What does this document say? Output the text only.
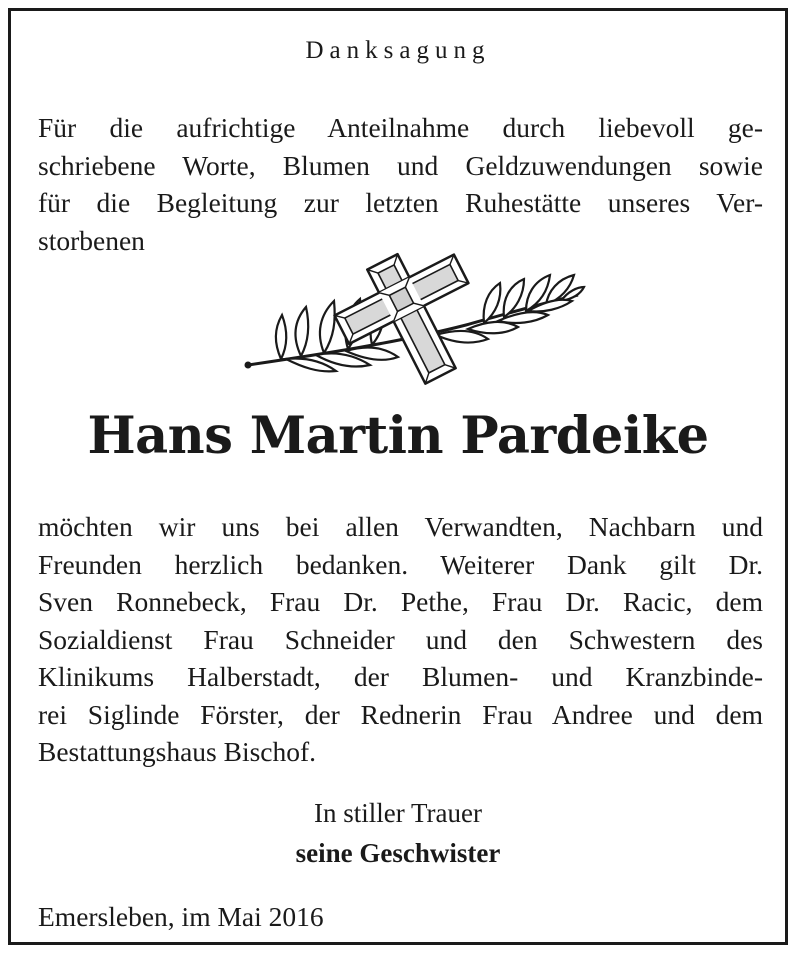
Danksagung
Für die aufrichtige Anteilnahme durch liebevoll ge-
schriebene Worte, Blumen und Geldzuwendungen sowie
für die Begleitung zur letzten Ruhestätte unseres Ver-
storbenen
Hans Martin Pardeike
möchten wir uns bei allen Verwandten, Nachbarn und
Freunden herzlich bedanken. Weiterer Dank gilt Dr.
Sven Ronnebeck, Frau Dr. Pethe, Frau Dr. Racic, dem
Sozialdienst Frau Schneider und den Schwestern des
Klinikums Halberstadt, der Blumen- und Kranzbinde-
rei Siglinde Förster, der Rednerin Frau Andree und dem
Bestattungshaus Bischof.
In stiller Trauer
seine Geschwister
Emersleben, im Mai 2016
